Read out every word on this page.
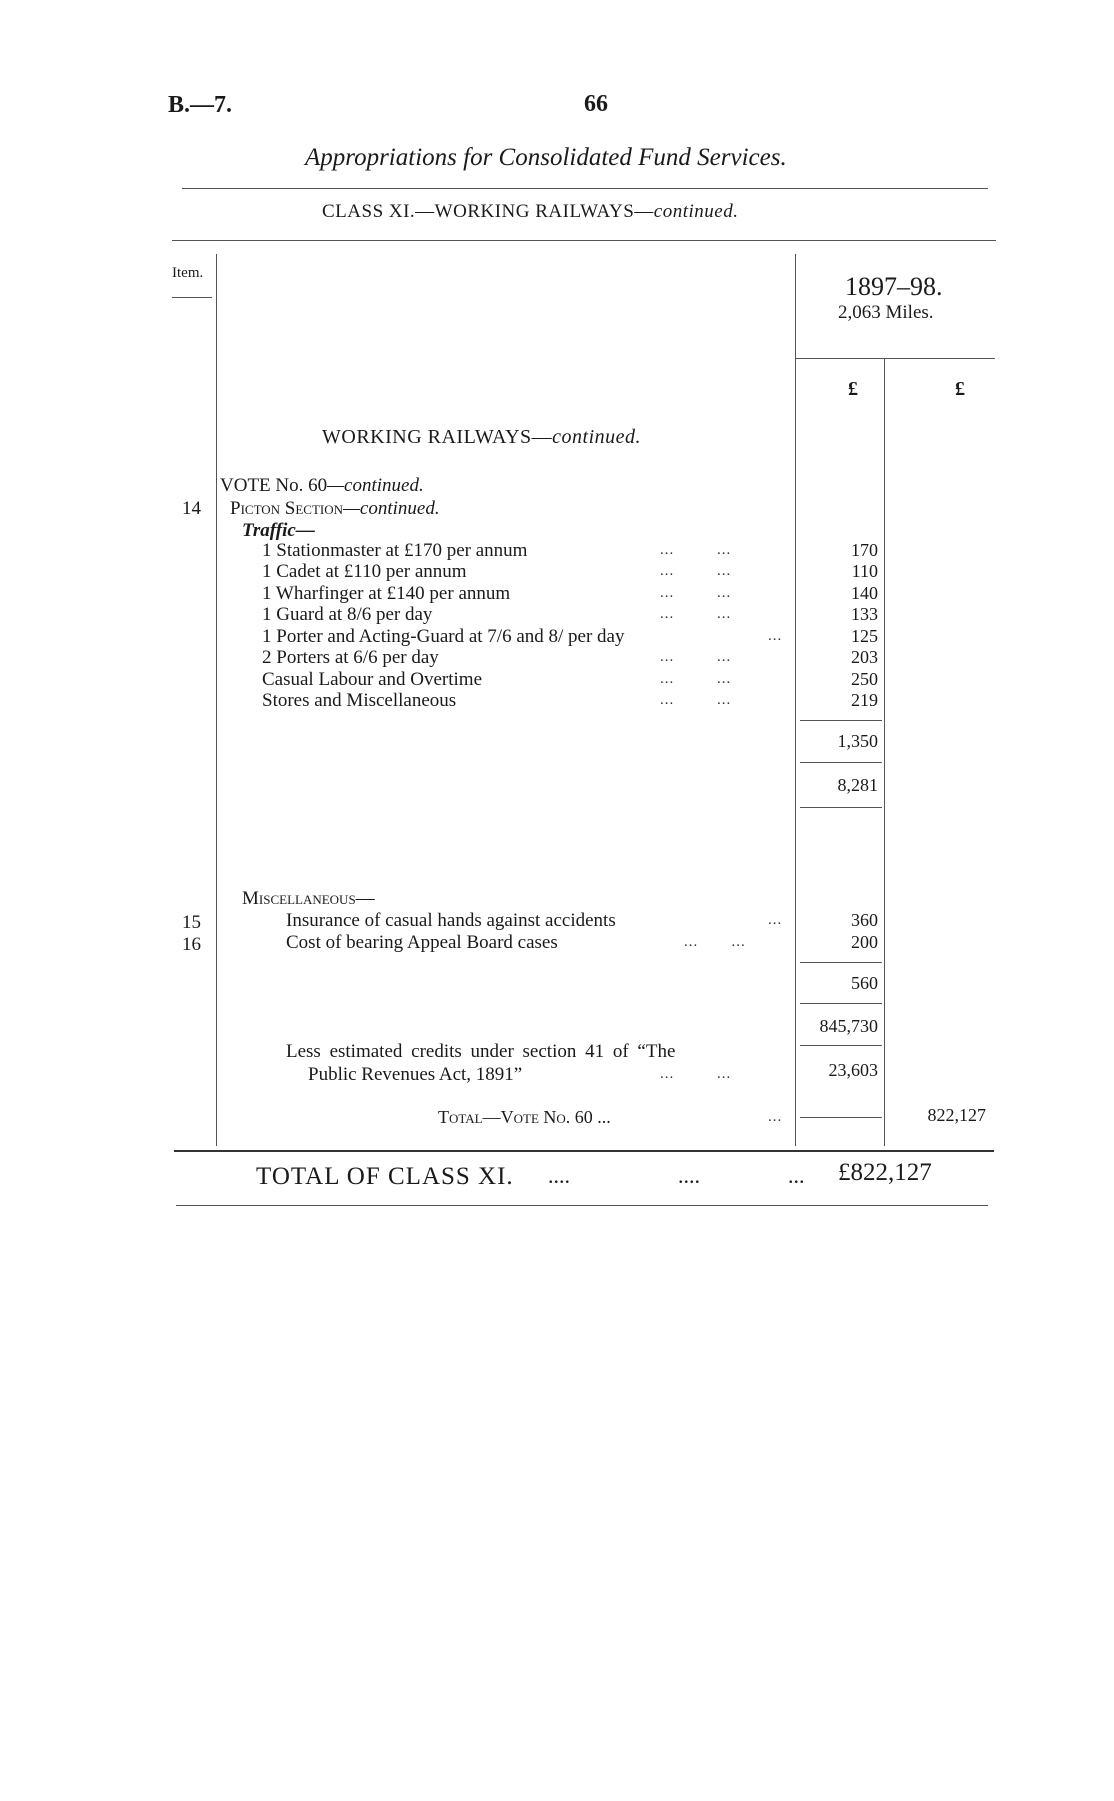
B.—7.	66
Appropriations for Consolidated Fund Services.
CLASS XI.—WORKING RAILWAYS—continued.
Item.	1897–98.
2,063 Miles.
£	£
WORKING RAILWAYS—continued.
VOTE No. 60—continued.
14 Picton Section—continued.
Traffic—
1 Stationmaster at £170 per annum	...         ...	170
1 Cadet at £110 per annum	...         ...	110
1 Wharfinger at £140 per annum	...         ...	140
1 Guard at 8/6 per day	...         ...	133
1 Porter and Acting-Guard at 7/6 and 8/ per day	...	125
2 Porters at 6/6 per day	...         ...	203
Casual Labour and Overtime	...         ...	250
Stores and Miscellaneous	...         ...	219
1,350
8,281
Miscellaneous—
15	Insurance of casual hands against accidents	...	360
16	Cost of bearing Appeal Board cases	...       ...	200
560
845,730
Less estimated credits under section 41 of “The
Public Revenues Act, 1891”	...         ...	23,603
Total—Vote No. 60 ...	...	822,127
TOTAL OF CLASS XI. ....	....	... £822,127
